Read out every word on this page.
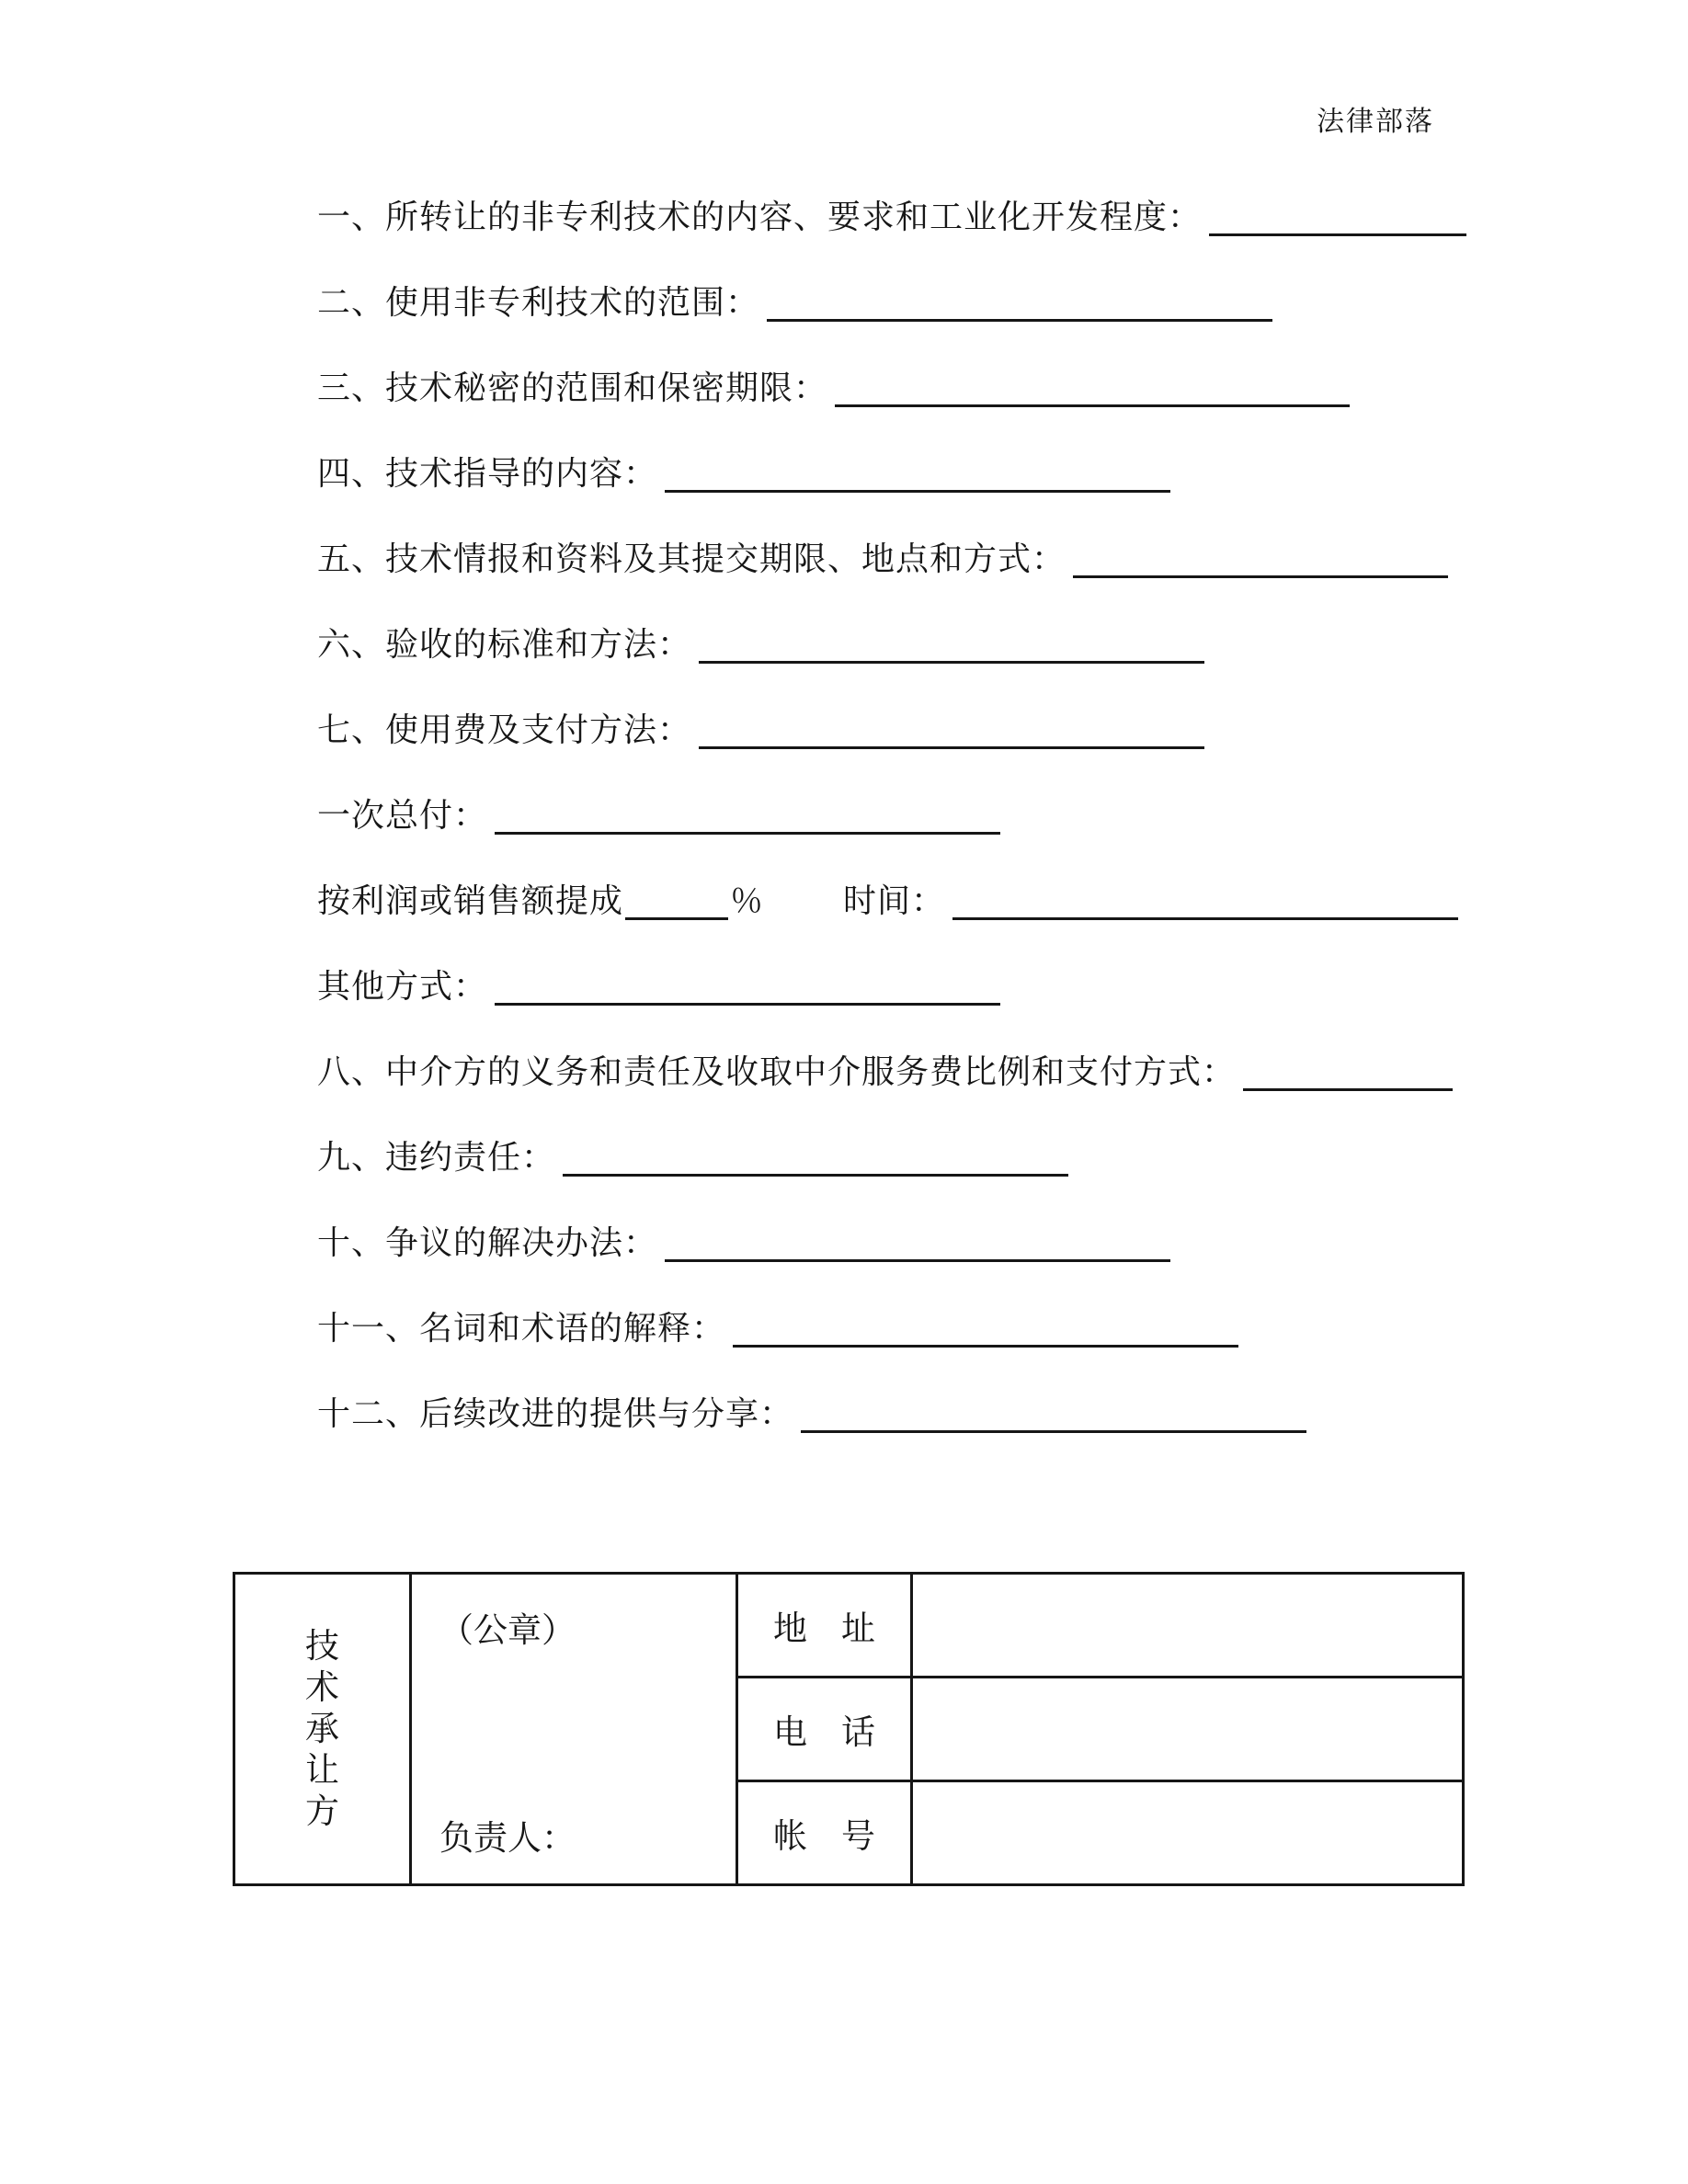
法律部落
一、所转让的非专利技术的内容、要求和工业化开发程度：
二、使用非专利技术的范围：
三、技术秘密的范围和保密期限：
四、技术指导的内容：
五、技术情报和资料及其提交期限、地点和方式：
六、验收的标准和方法：
七、使用费及支付方法：
一次总付：
按利润或销售额提成	％ 时间：
其他方式：
八、中介方的义务和责任及收取中介服务费比例和支付方式：
九、违约责任：
十、争议的解决办法：
十一、名词和术语的解释：
十二、后续改进的提供与分享：
技
术
承
让
方

（公章）
负责人：
	地　址	
		电　话	
		帐　号	
